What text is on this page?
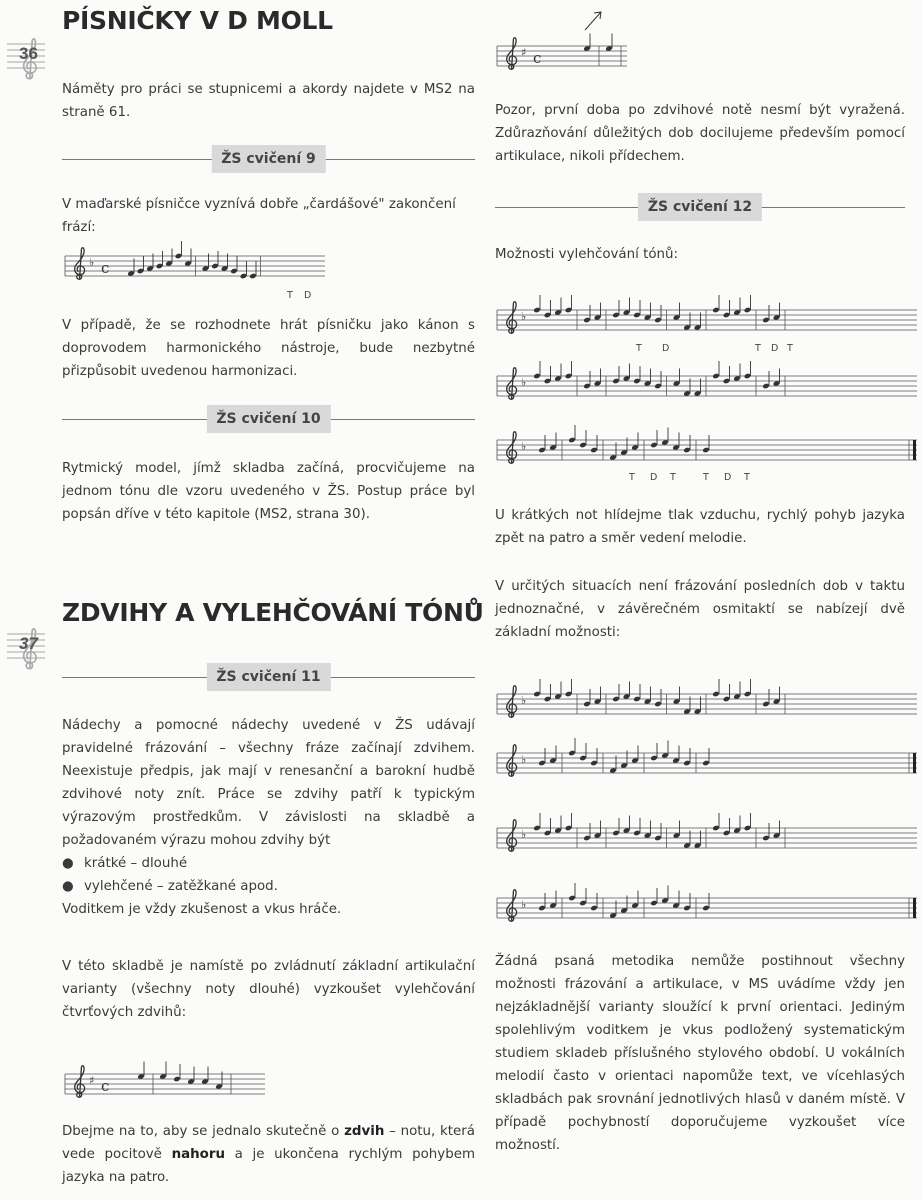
PÍSNIČKY V D MOLL
36

Náměty pro práci se stupnicemi a akordy najdete v MS2 na straně 61.

ŽS cvičení 9

V maďarské písničce vyznívá dobře „čardášové" zakončení frází:

♭ c
T D

V případě, že se rozhodnete hrát písničku jako kánon s doprovodem harmonického nástroje, bude nezbytné přizpůsobit uvedenou harmonizaci.

ŽS cvičení 10

Rytmický model, jímž skladba začíná, procvičujeme na jednom tónu dle vzoru uvedeného v ŽS. Postup práce byl popsán dříve v této kapitole (MS2, strana 30).

ZDVIHY A VYLEHČOVÁNÍ TÓNŮ
37
ŽS cvičení 11

Nádechy a pomocné nádechy uvedené v ŽS udávají pravidelné frázování – všechny fráze začínají zdvihem. Neexistuje předpis, jak mají v renesanční a barokní hudbě zdvihové noty znít. Práce se zdvihy patří k typickým výrazovým prostředkům. V závislosti na skladbě a požadovaném výrazu mohou zdvihy být

● krátké – dlouhé
● vylehčené – zatěžkané apod.

Voditkem je vždy zkušenost a vkus hráče.

V této skladbě je namístě po zvládnutí základní artikulační varianty (všechny noty dlouhé) vyzkoušet vylehčování čtvrťových zdvihů:

♯ c

Dbejme na to, aby se jednalo skutečně o zdvih – notu, která vede pocitově nahoru a je ukončena rychlým pohybem jazyka na patro.

♯ c

Pozor, první doba po zdvihové notě nesmí být vyražená. Zdůrazňování důležitých dob docilujeme především pomocí artikulace, nikoli přídechem.

ŽS cvičení 12

Možnosti vylehčování tónů:

♭
T D	T D T
♭
♭
T D T	T D T

U krátkých not hlídejme tlak vzduchu, rychlý pohyb jazyka zpět na patro a směr vedení melodie.

V určitých situacích není frázování posledních dob v taktu jednoznačné, v závěrečném osmitaktí se nabízejí dvě základní možnosti:

♭
♭
♭
♭

Žádná psaná metodika nemůže postihnout všechny možnosti frázování a artikulace, v MS uvádíme vždy jen nejzákladnější varianty sloužící k první orientaci. Jediným spolehlivým voditkem je vkus podložený systematickým studiem skladeb příslušného stylového období. U vokálních melodií často v orientaci napomůže text, ve vícehlasých skladbách pak srovnání jednotlivých hlasů v daném místě. V případě pochybností doporučujeme vyzkoušet více možností.
